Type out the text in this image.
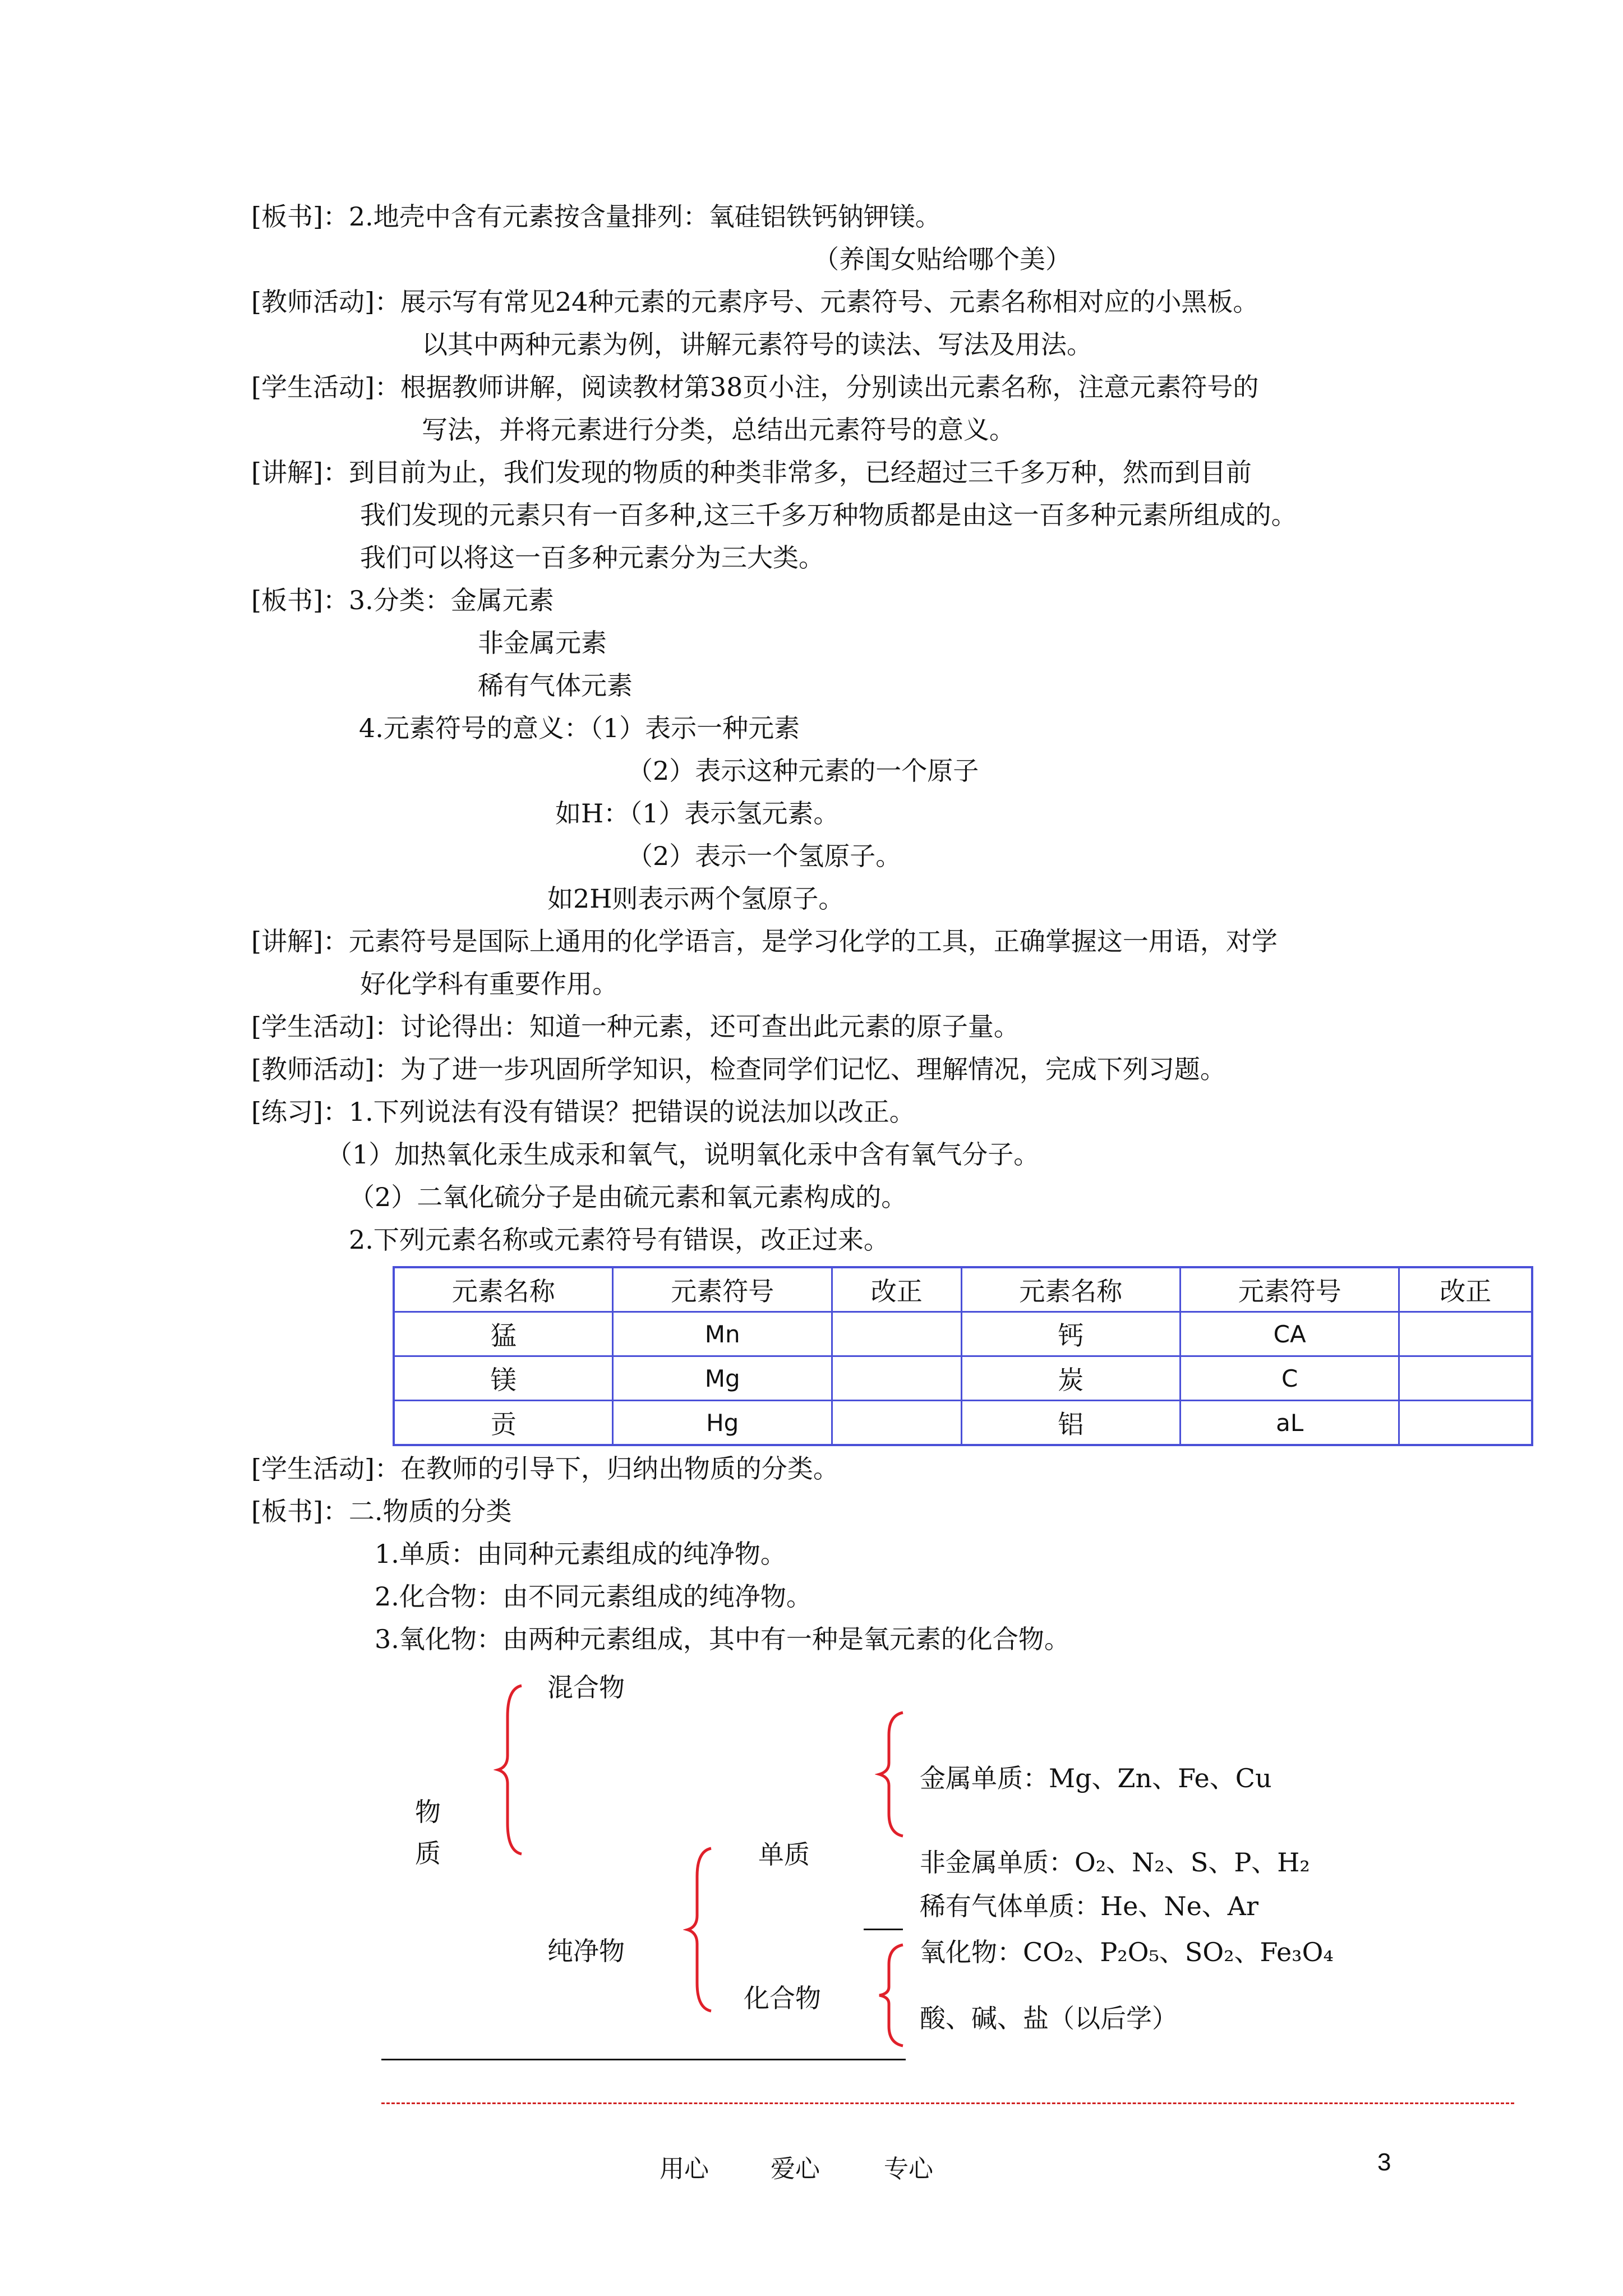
[板书]：2.地壳中含有元素按含量排列：氧硅铝铁钙钠钾镁。
（养闺女贴给哪个美）
[教师活动]：展示写有常见24种元素的元素序号、元素符号、元素名称相对应的小黑板。
以其中两种元素为例，讲解元素符号的读法、写法及用法。
[学生活动]：根据教师讲解，阅读教材第38页小注，分别读出元素名称，注意元素符号的
写法，并将元素进行分类，总结出元素符号的意义。
[讲解]：到目前为止，我们发现的物质的种类非常多，已经超过三千多万种，然而到目前
我们发现的元素只有一百多种,这三千多万种物质都是由这一百多种元素所组成的。
我们可以将这一百多种元素分为三大类。
[板书]：3.分类：金属元素
非金属元素
稀有气体元素
4.元素符号的意义：（1）表示一种元素
（2）表示这种元素的一个原子
如H：（1）表示氢元素。
（2）表示一个氢原子。
如2H则表示两个氢原子。
[讲解]：元素符号是国际上通用的化学语言，是学习化学的工具，正确掌握这一用语，对学
好化学科有重要作用。
[学生活动]：讨论得出：知道一种元素，还可查出此元素的原子量。
[教师活动]：为了进一步巩固所学知识，检查同学们记忆、理解情况，完成下列习题。
[练习]：1.下列说法有没有错误？把错误的说法加以改正。
（1）加热氧化汞生成汞和氧气，说明氧化汞中含有氧气分子。
（2）二氧化硫分子是由硫元素和氧元素构成的。
2.下列元素名称或元素符号有错误，改正过来。
元素名称	元素符号	改正	元素名称	元素符号	改正
猛	Mn		钙	CA	
镁	Mg		炭	C	
贡	Hg		铝	aL	
[学生活动]：在教师的引导下，归纳出物质的分类。
[板书]：二.物质的分类
1.单质：由同种元素组成的纯净物。
2.化合物：由不同元素组成的纯净物。
3.氧化物：由两种元素组成，其中有一种是氧元素的化合物。
物
质
混合物
纯净物
单质
化合物
金属单质：Mg、Zn、Fe、Cu
非金属单质：O₂、N₂、S、P、H₂
稀有气体单质：He、Ne、Ar
氧化物：CO₂、P₂O₅、SO₂、Fe₃O₄
酸、碱、盐（以后学）
用心	爱心	专心	3
